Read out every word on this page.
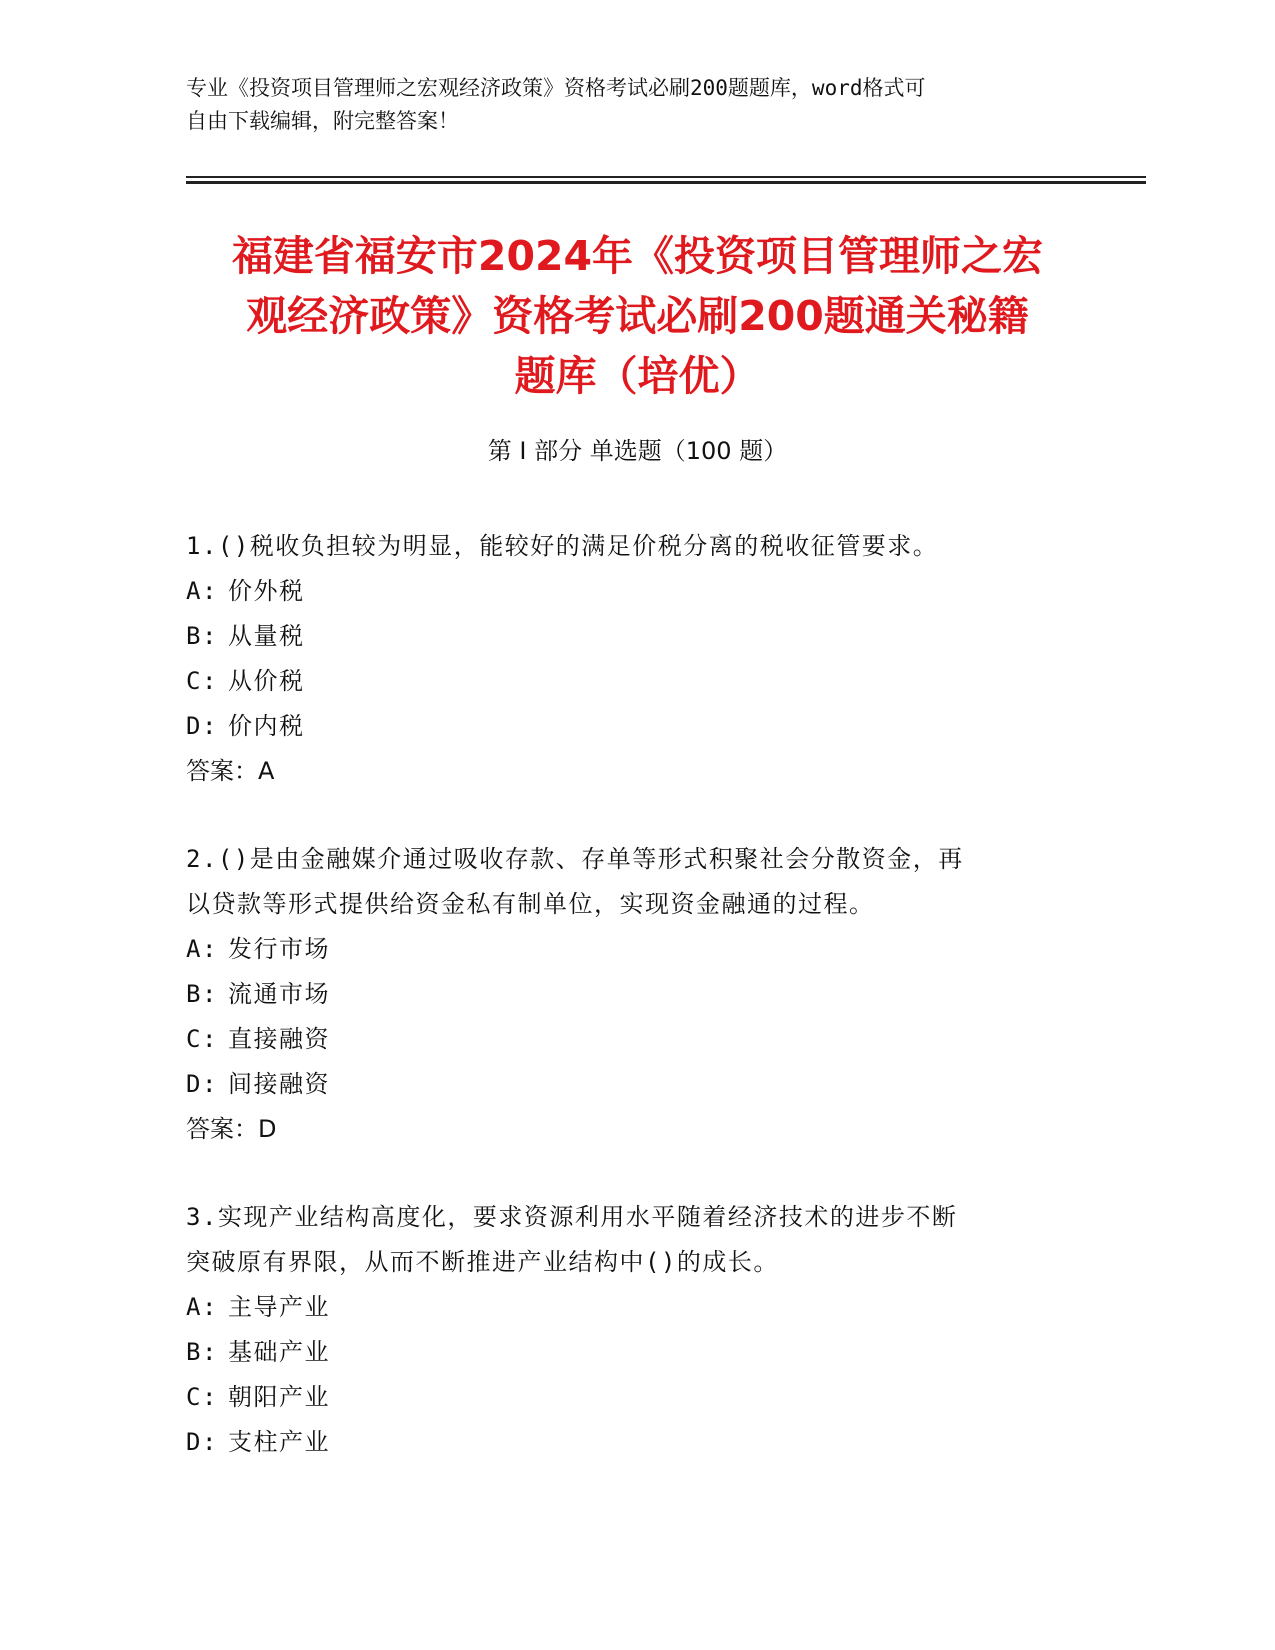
专业《投资项目管理师之宏观经济政策》资格考试必刷200题题库，word格式可
自由下载编辑，附完整答案！
福建省福安市2024年《投资项目管理师之宏
观经济政策》资格考试必刷200题通关秘籍
题库（培优）
第 I 部分 单选题（100 题）
1.()税收负担较为明显，能较好的满足价税分离的税收征管要求。
A: 价外税
B: 从量税
C: 从价税
D: 价内税
答案：A
2.()是由金融媒介通过吸收存款、存单等形式积聚社会分散资金，再
以贷款等形式提供给资金私有制单位，实现资金融通的过程。
A: 发行市场
B: 流通市场
C: 直接融资
D: 间接融资
答案：D
3.实现产业结构高度化，要求资源利用水平随着经济技术的进步不断
突破原有界限，从而不断推进产业结构中()的成长。
A: 主导产业
B: 基础产业
C: 朝阳产业
D: 支柱产业
